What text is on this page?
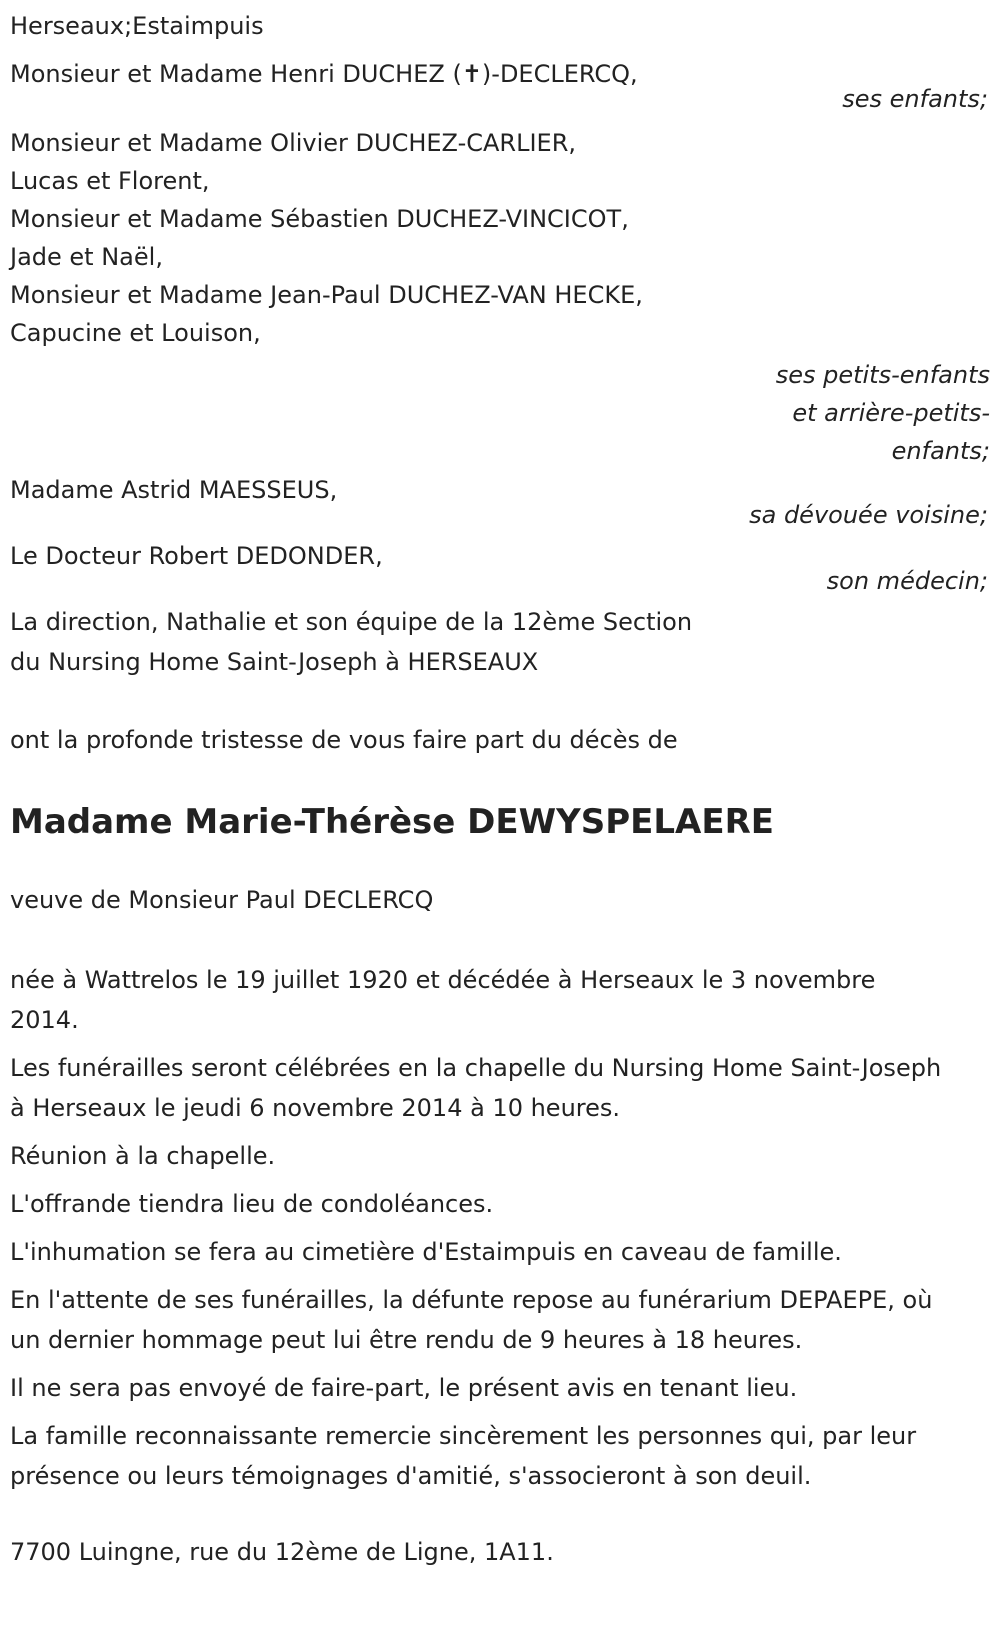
Herseaux;Estaimpuis

Monsieur et Madame Henri DUCHEZ (✝)-DECLERCQ,

ses enfants;

Monsieur et Madame Olivier DUCHEZ-CARLIER,

Lucas et Florent,

Monsieur et Madame Sébastien DUCHEZ-VINCICOT,

Jade et Naël,

Monsieur et Madame Jean-Paul DUCHEZ-VAN HECKE,

Capucine et Louison,

ses petits-enfants

et arrière-petits-

enfants;

Madame Astrid MAESSEUS,

sa dévouée voisine;

Le Docteur Robert DEDONDER,

son médecin;

La direction, Nathalie et son équipe de la 12ème Section

du Nursing Home Saint-Joseph à HERSEAUX

ont la profonde tristesse de vous faire part du décès de

Madame Marie-Thérèse DEWYSPELAERE

veuve de Monsieur Paul DECLERCQ

née à Wattrelos le 19 juillet 1920 et décédée à Herseaux le 3 novembre 2014.

Les funérailles seront célébrées en la chapelle du Nursing Home Saint-Joseph à Herseaux le jeudi 6 novembre 2014 à 10 heures.

Réunion à la chapelle.

L'offrande tiendra lieu de condoléances.

L'inhumation se fera au cimetière d'Estaimpuis en caveau de famille.

En l'attente de ses funérailles, la défunte repose au funérarium DEPAEPE, où un dernier hommage peut lui être rendu de 9 heures à 18 heures.

Il ne sera pas envoyé de faire-part, le présent avis en tenant lieu.

La famille reconnaissante remercie sincèrement les personnes qui, par leur présence ou leurs témoignages d'amitié, s'associeront à son deuil.

7700 Luingne, rue du 12ème de Ligne, 1A11.
